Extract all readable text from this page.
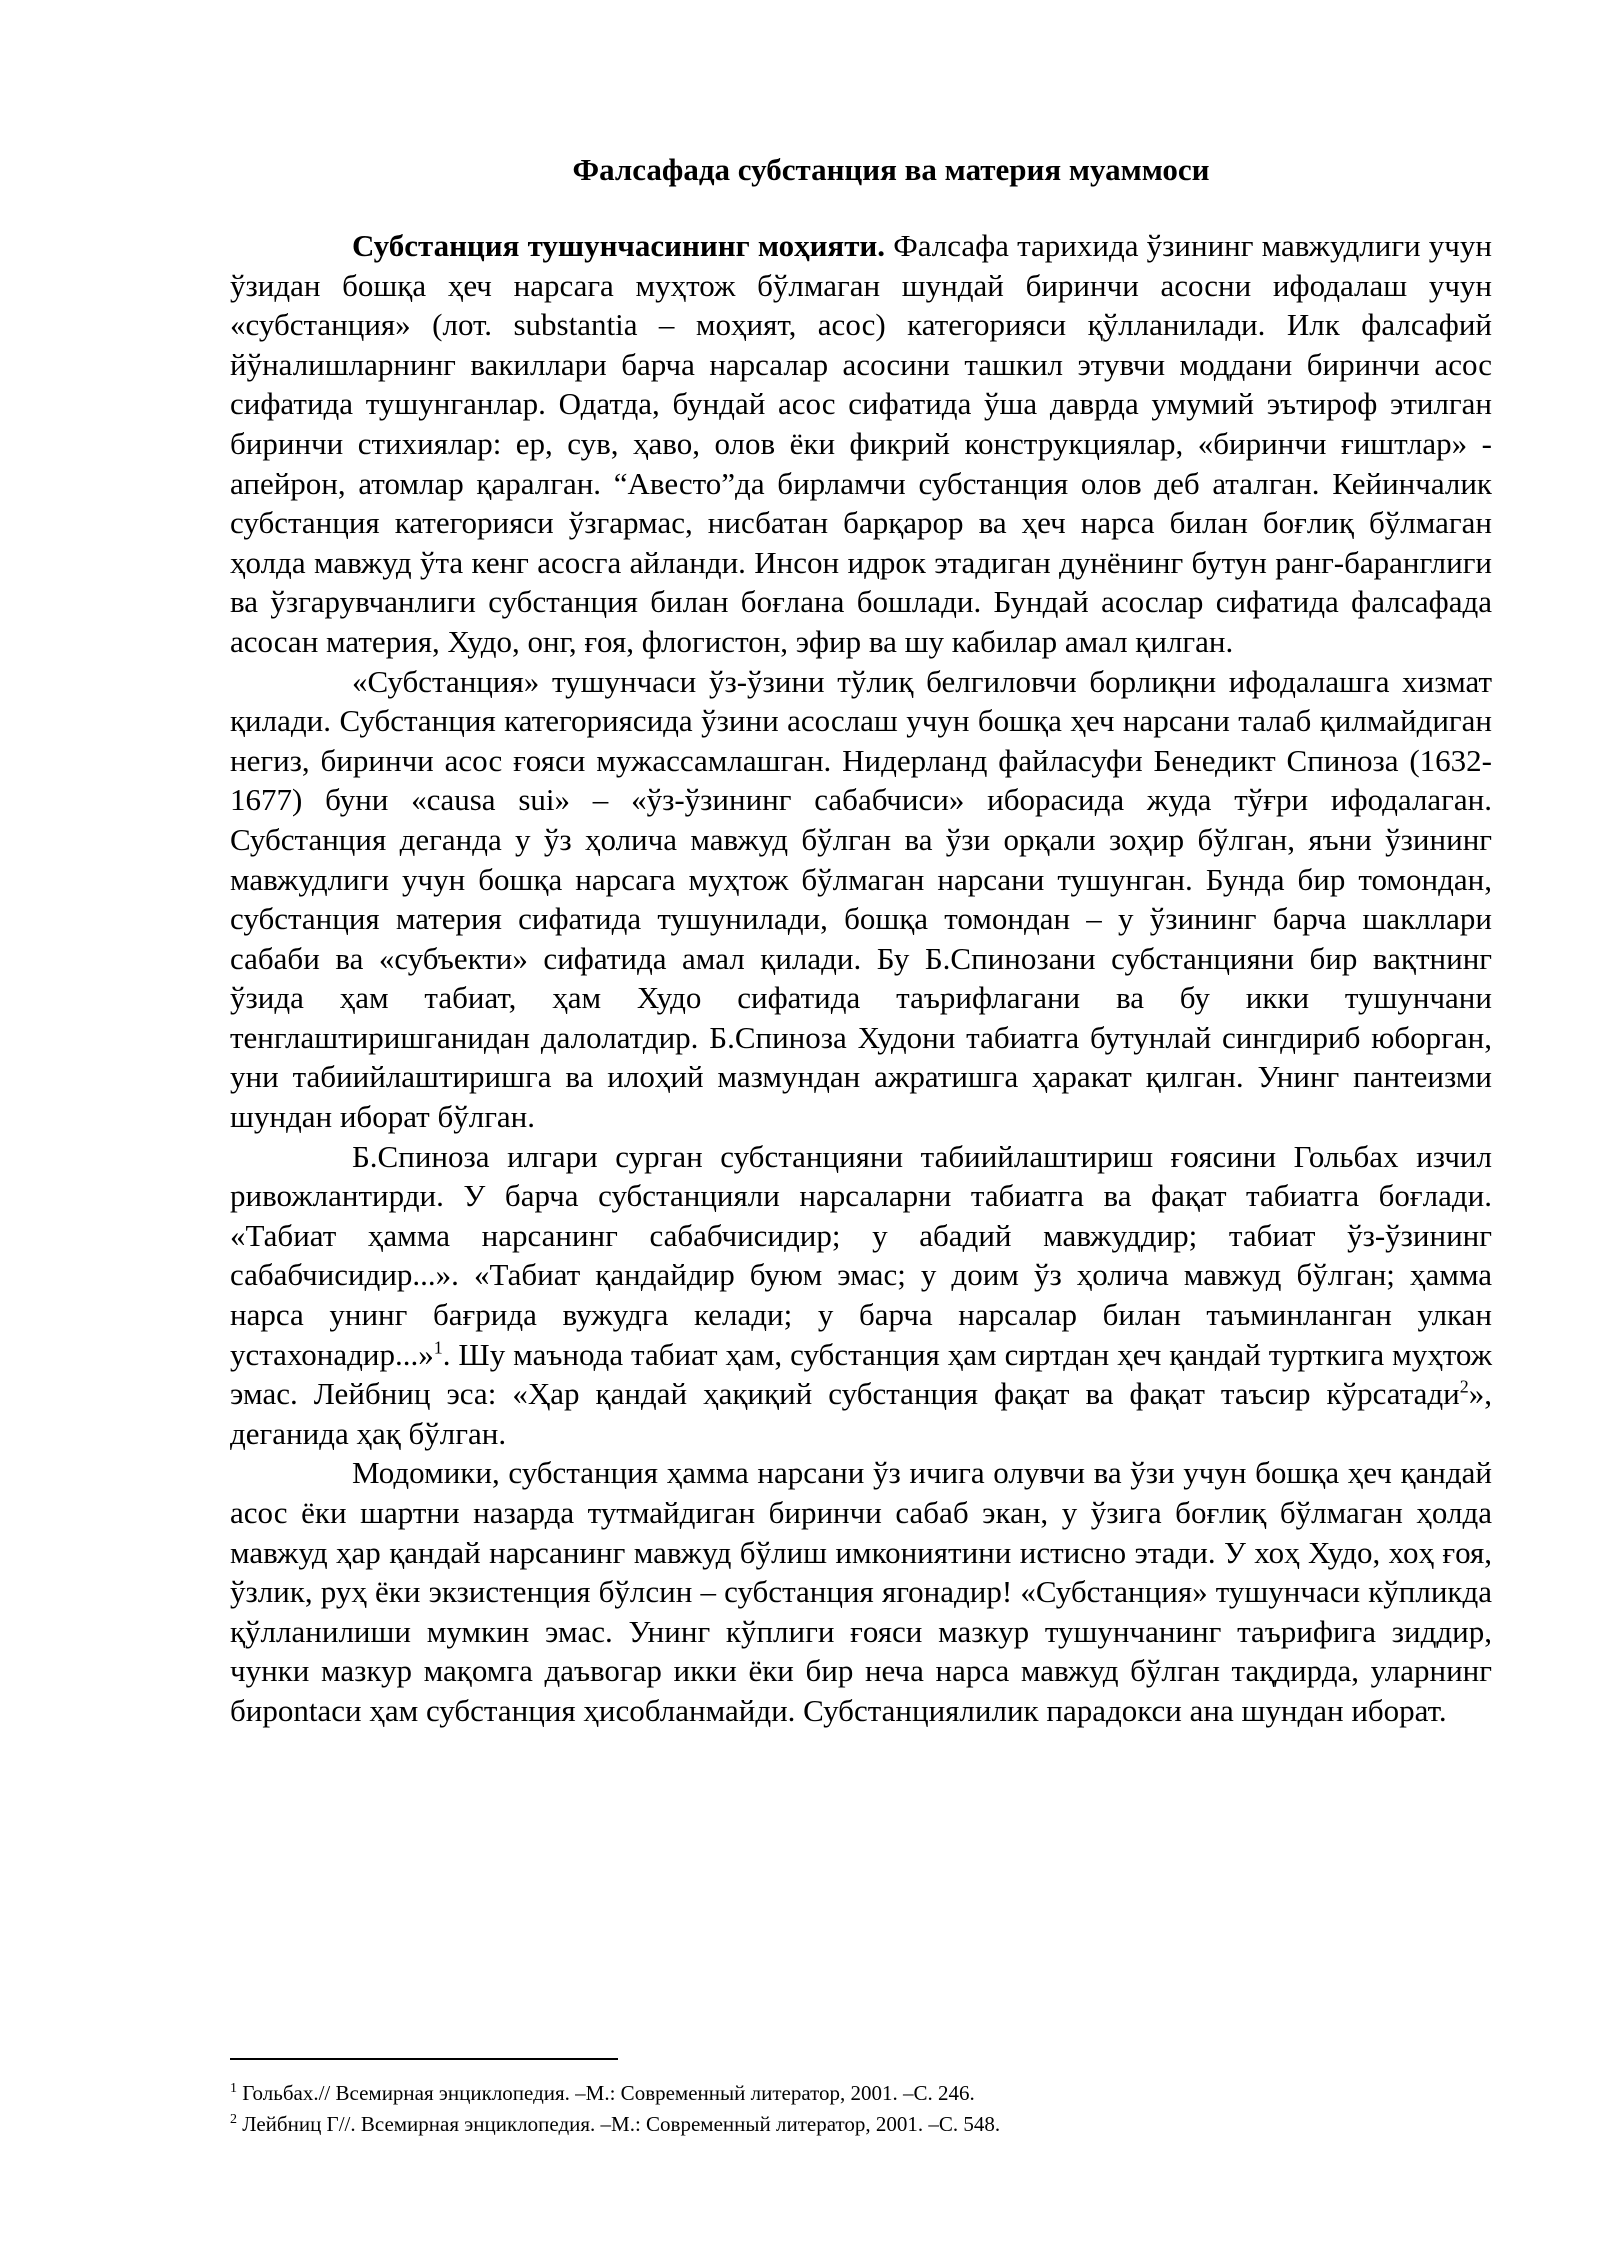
Фалсафада субстанция ва материя муаммоси

Субстанция тушунчасининг моҳияти. Фалсафа тарихида ўзининг мавжудлиги учун ўзидан бошқа ҳеч нарсага муҳтож бўлмаган шундай биринчи асосни ифодалаш учун «субстанция» (лот. substantia – моҳият, асос) категорияси қўлланилади. Илк фалсафий йўналишларнинг вакиллари барча нарсалар асосини ташкил этувчи моддани биринчи асос сифатида тушунганлар. Одатда, бундай асос сифатида ўша даврда умумий эътироф этилган биринчи стихиялар: ер, сув, ҳаво, олов ёки фикрий конструкциялар, «биринчи ғиштлар» - апейрон, атомлар қаралган. “Авесто”да бирламчи субстанция олов деб аталган. Кейинчалик субстанция категорияси ўзгармас, нисбатан барқарор ва ҳеч нарса билан боғлиқ бўлмаган ҳолда мавжуд ўта кенг асосга айланди. Инсон идрок этадиган дунёнинг бутун ранг-баранглиги ва ўзгарувчанлиги субстанция билан боғлана бошлади. Бундай асослар сифатида фалсафада асосан материя, Худо, онг, ғоя, флогистон, эфир ва шу кабилар амал қилган.

«Субстанция» тушунчаси ўз-ўзини тўлиқ белгиловчи борлиқни ифодалашга хизмат қилади. Субстанция категориясида ўзини асослаш учун бошқа ҳеч нарсани талаб қилмайдиган негиз, биринчи асос ғояси мужассамлашган. Нидерланд файласуфи Бенедикт Спиноза (1632-1677) буни «causa sui» – «ўз-ўзининг сабабчиси» иборасида жуда тўғри ифодалаган. Субстанция деганда у ўз ҳолича мавжуд бўлган ва ўзи орқали зоҳир бўлган, яъни ўзининг мавжудлиги учун бошқа нарсага муҳтож бўлмаган нарсани тушунган. Бунда бир томондан, субстанция материя сифатида тушунилади, бошқа томондан – у ўзининг барча шакллари сабаби ва «субъекти» сифатида амал қилади. Бу Б.Спинозани субстанцияни бир вақтнинг ўзида ҳам табиат, ҳам Худо сифатида таърифлагани ва бу икки тушунчани тенглаштиришганидан далолатдир. Б.Спиноза Худони табиатга бутунлай сингдириб юборган, уни табиийлаштиришга ва илоҳий мазмундан ажратишга ҳаракат қилган. Унинг пантеизми шундан иборат бўлган.

Б.Спиноза илгари сурган субстанцияни табиийлаштириш ғоясини Гольбах изчил ривожлантирди. У барча субстанцияли нарсаларни табиатга ва фақат табиатга боғлади. «Табиат ҳамма нарсанинг сабабчисидир; у абадий мавжуддир; табиат ўз-ўзининг сабабчисидир...». «Табиат қандайдир буюм эмас; у доим ўз ҳолича мавжуд бўлган; ҳамма нарса унинг бағрида вужудга келади; у барча нарсалар билан таъминланган улкан устахонадир...»$^1$. Шу маънода табиат ҳам, субстанция ҳам сиртдан ҳеч қандай турткига муҳтож эмас. Лейбниц эса: «Ҳар қандай ҳақиқий субстанция фақат ва фақат таъсир кўрсатади$^2$», деганида ҳақ бўлган.

Модомики, субстанция ҳамма нарсани ўз ичига олувчи ва ўзи учун бошқа ҳеч қандай асос ёки шартни назарда тутмайдиган биринчи сабаб экан, у ўзига боғлиқ бўлмаган ҳолда мавжуд ҳар қандай нарсанинг мавжуд бўлиш имкониятини истисно этади. У хоҳ Худо, хоҳ ғоя, ўзлик, руҳ ёки экзистенция бўлсин – субстанция ягонадир! «Субстанция» тушунчаси кўпликда қўлланилиши мумкин эмас. Унинг кўплиги ғояси мазкур тушунчанинг таърифига зиддир, чунки мазкур мақомга даъвогар икки ёки бир неча нарса мавжуд бўлган тақдирда, уларнинг бирontaси ҳам субстанция ҳисобланмайди. Субстанциялилик парадокси ана шундан иборат.

$^1$ Гольбах.// Всемирная энциклопедия. –М.: Современный литератор, 2001. –С. 246.

$^2$ Лейбниц Г//. Всемирная энциклопедия. –М.: Современный литератор, 2001. –С. 548.
